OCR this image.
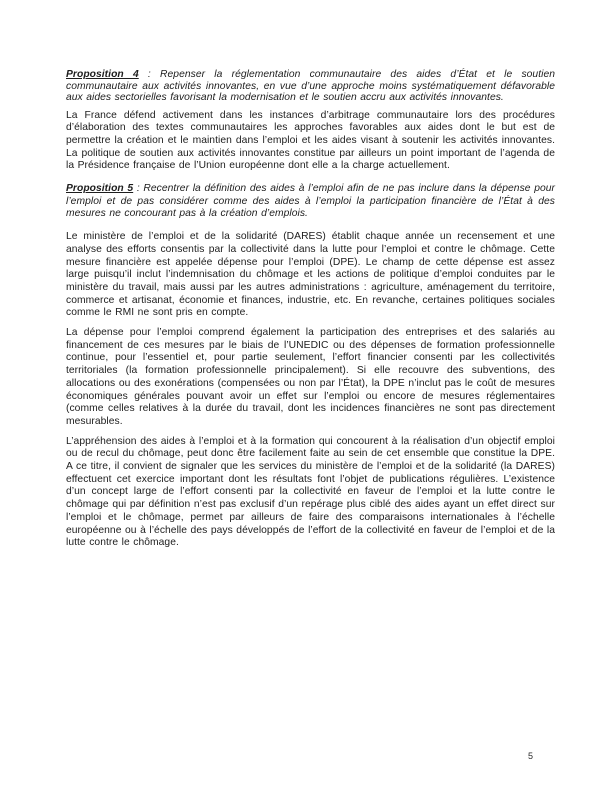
Proposition 4 : Repenser la réglementation communautaire des aides d’État et le soutien communautaire aux activités innovantes, en vue d’une approche moins systématiquement défavorable aux aides sectorielles favorisant la modernisation et le soutien accru aux activités innovantes.

La France défend activement dans les instances d’arbitrage communautaire lors des procédures d’élaboration des textes communautaires les approches favorables aux aides dont le but est de permettre la création et le maintien dans l’emploi et les aides visant à soutenir les activités innovantes. La politique de soutien aux activités innovantes constitue par ailleurs un point important de l’agenda de la Présidence française de l’Union européenne dont elle a la charge actuellement.

Proposition 5 : Recentrer la définition des aides à l’emploi afin de ne pas inclure dans la dépense pour l’emploi et de pas considérer comme des aides à l’emploi la participation financière de l’État à des mesures ne concourant pas à la création d’emplois.

Le ministère de l’emploi et de la solidarité (DARES) établit chaque année un recensement et une analyse des efforts consentis par la collectivité dans la lutte pour l’emploi et contre le chômage. Cette mesure financière est appelée dépense pour l’emploi (DPE). Le champ de cette dépense est assez large puisqu’il inclut l’indemnisation du chômage et les actions de politique d’emploi conduites par le ministère du travail, mais aussi par les autres administrations : agriculture, aménagement du territoire, commerce et artisanat, économie et finances, industrie, etc. En revanche, certaines politiques sociales comme le RMI ne sont pris en compte.

La dépense pour l’emploi comprend également la participation des entreprises et des salariés au financement de ces mesures par le biais de l’UNEDIC ou des dépenses de formation professionnelle continue, pour l’essentiel et, pour partie seulement, l’effort financier consenti par les collectivités territoriales (la formation professionnelle principalement). Si elle recouvre des subventions, des allocations ou des exonérations (compensées ou non par l’État), la DPE n’inclut pas le coût de mesures économiques générales pouvant avoir un effet sur l’emploi ou encore de mesures réglementaires (comme celles relatives à la durée du travail, dont les incidences financières ne sont pas directement mesurables.

L’appréhension des aides à l’emploi et à la formation qui concourent à la réalisation d’un objectif emploi ou de recul du chômage, peut donc être facilement faite au sein de cet ensemble que constitue la DPE. A ce titre, il convient de signaler que les services du ministère de l’emploi et de la solidarité (la DARES) effectuent cet exercice important dont les résultats font l’objet de publications régulières. L’existence d’un concept large de l’effort consenti par la collectivité en faveur de l’emploi et la lutte contre le chômage qui par définition n’est pas exclusif d’un repérage plus ciblé des aides ayant un effet direct sur l’emploi et le chômage, permet par ailleurs de faire des comparaisons internationales à l’échelle européenne ou à l’échelle des pays développés de l’effort de la collectivité en faveur de l’emploi et de la lutte contre le chômage.

5
